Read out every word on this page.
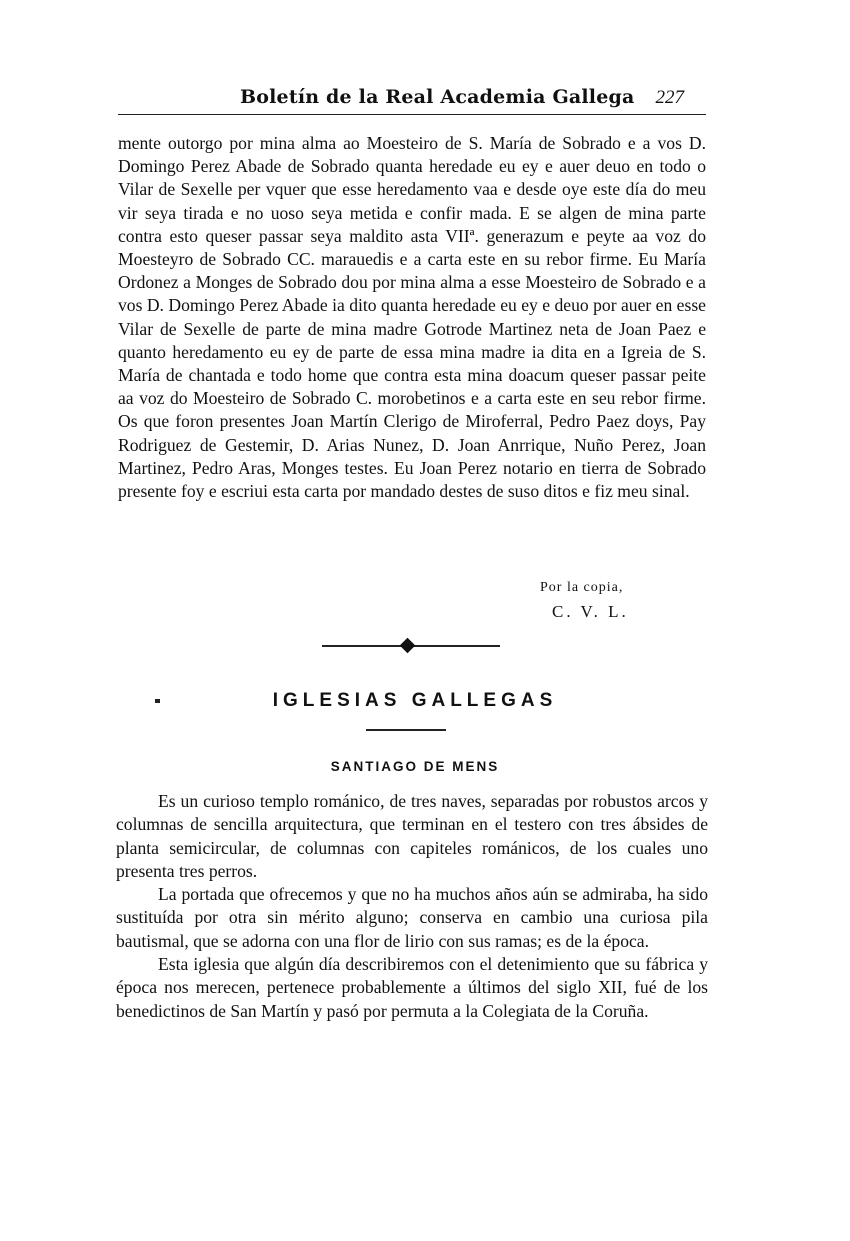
Boletín de la Real Academia Gallega 227

mente outorgo por mina alma ao Moesteiro de S. María de Sobrado e a vos D. Domingo Perez Abade de Sobrado quanta heredade eu ey e auer deuo en todo o Vilar de Sexelle per vquer que esse heredamento vaa e desde oye este día do meu vir seya tirada e no uoso seya metida e confir mada. E se algen de mina parte contra esto queser passar seya maldito asta VIIª. generazum e peyte aa voz do Moesteyro de Sobrado CC. marauedis e a carta este en su rebor firme. Eu María Ordonez a Monges de Sobrado dou por mina alma a esse Moesteiro de Sobrado e a vos D. Domingo Perez Abade ia dito quanta heredade eu ey e deuo por auer en esse Vilar de Sexelle de parte de mina madre Gotrode Martinez neta de Joan Paez e quanto heredamento eu ey de parte de essa mina madre ia dita en a Igreia de S. María de chantada e todo home que contra esta mina doacum queser passar peite aa voz do Moesteiro de Sobrado C. morobetinos e a carta este en seu rebor firme. Os que foron presentes Joan Martín Clerigo de Miroferral, Pedro Paez doys, Pay Rodriguez de Gestemir, D. Arias Nunez, D. Joan Anrrique, Nuño Perez, Joan Martinez, Pedro Aras, Monges testes. Eu Joan Perez notario en tierra de Sobrado presente foy e escriui esta carta por mandado destes de suso ditos e fiz meu sinal.

Por la copia,
C. V. L.
IGLESIAS GALLEGAS
SANTIAGO DE MENS

Es un curioso templo románico, de tres naves, separadas por robustos arcos y columnas de sencilla arquitectura, que terminan en el testero con tres ábsides de planta semicircular, de columnas con capiteles románicos, de los cuales uno presenta tres perros.

La portada que ofrecemos y que no ha muchos años aún se admiraba, ha sido sustituída por otra sin mérito alguno; conserva en cambio una curiosa pila bautismal, que se adorna con una flor de lirio con sus ramas; es de la época.

Esta iglesia que algún día describiremos con el detenimiento que su fábrica y época nos merecen, pertenece probablemente a últimos del siglo XII, fué de los benedictinos de San Martín y pasó por permuta a la Colegiata de la Coruña.
